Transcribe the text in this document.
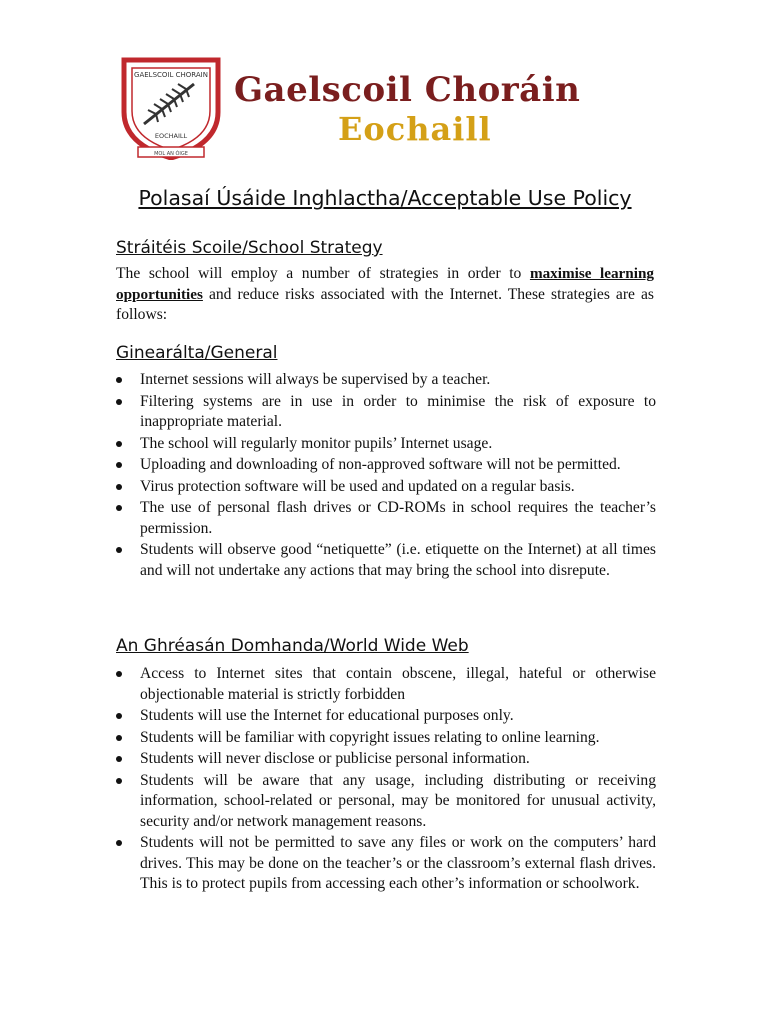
MOL AN ÓIGE
GAELSCOIL CHORAIN
EOCHAILL
Gaelscoil Choráin
Eochaill
Polasaí Úsáide Inghlactha/Acceptable Use Policy
Stráitéis Scoile/School Strategy

The school will employ a number of strategies in order to maximise learning opportunities and reduce risks associated with the Internet. These strategies are as follows:

Ginearálta/General
Internet sessions will always be supervised by a teacher.
Filtering systems are in use in order to minimise the risk of exposure to inappropriate material.
The school will regularly monitor pupils’ Internet usage.
Uploading and downloading of non-approved software will not be permitted.
Virus protection software will be used and updated on a regular basis.
The use of personal flash drives or CD-ROMs in school requires the teacher’s permission.
Students will observe good “netiquette” (i.e. etiquette on the Internet) at all times and will not undertake any actions that may bring the school into disrepute.
An Ghréasán Domhanda/World Wide Web
Access to Internet sites that contain obscene, illegal, hateful or otherwise objectionable material is strictly forbidden
Students will use the Internet for educational purposes only.
Students will be familiar with copyright issues relating to online learning.
Students will never disclose or publicise personal information.
Students will be aware that any usage, including distributing or receiving information, school-related or personal, may be monitored for unusual activity, security and/or network management reasons.
Students will not be permitted to save any files or work on the computers’ hard drives. This may be done on the teacher’s or the classroom’s external flash drives. This is to protect pupils from accessing each other’s information or schoolwork.
